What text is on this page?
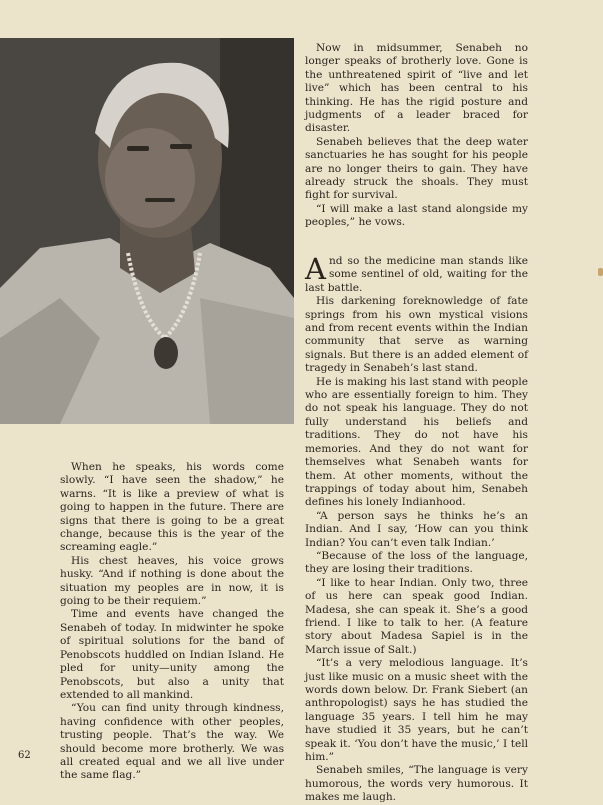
Now in midsummer, Senabeh no longer speaks of brotherly love. Gone is the unthreatened spirit of “live and let live” which has been central to his thinking. He has the rigid posture and judgments of a leader braced for disaster.

Senabeh believes that the deep water sanctuaries he has sought for his people are no longer theirs to gain. They have already struck the shoals. They must fight for survival.

“I will make a last stand alongside my peoples,” he vows.

And so the medicine man stands like some sentinel of old, waiting for the last battle.

His darkening foreknowledge of fate springs from his own mystical visions and from recent events within the Indian community that serve as warning signals. But there is an added element of tragedy in Senabeh’s last stand.

He is making his last stand with people who are essentially foreign to him. They do not speak his language. They do not fully understand his beliefs and traditions. They do not have his memories. And they do not want for themselves what Senabeh wants for them. At other moments, without the trappings of today about him, Senabeh defines his lonely Indianhood.

“A person says he thinks he’s an Indian. And I say, ‘How can you think Indian? You can’t even talk Indian.’

“Because of the loss of the language, they are losing their traditions.

“I like to hear Indian. Only two, three of us here can speak good Indian. Madesa, she can speak it. She’s a good friend. I like to talk to her. (A feature story about Madesa Sapiel is in the March issue of Salt.)

“It’s a very melodious language. It’s just like music on a music sheet with the words down below. Dr. Frank Siebert (an anthropologist) says he has studied the language 35 years. I tell him he may have studied it 35 years, but he can’t speak it. ‘You don’t have the music,’ I tell him.”

Senabeh smiles, “The language is very humorous, the words very humorous. It makes me laugh.

When he speaks, his words come slowly. “I have seen the shadow,” he warns. “It is like a preview of what is going to happen in the future. There are signs that there is going to be a great change, because this is the year of the screaming eagle.”

His chest heaves, his voice grows husky. “And if nothing is done about the situation my peoples are in now, it is going to be their requiem.”

Time and events have changed the Senabeh of today. In midwinter he spoke of spiritual solutions for the band of Penobscots huddled on Indian Island. He pled for unity—unity among the Penobscots, but also a unity that extended to all mankind.

“You can find unity through kindness, having confidence with other peoples, trusting people. That’s the way. We should become more brotherly. We was all created equal and we all live under the same flag.”

62
